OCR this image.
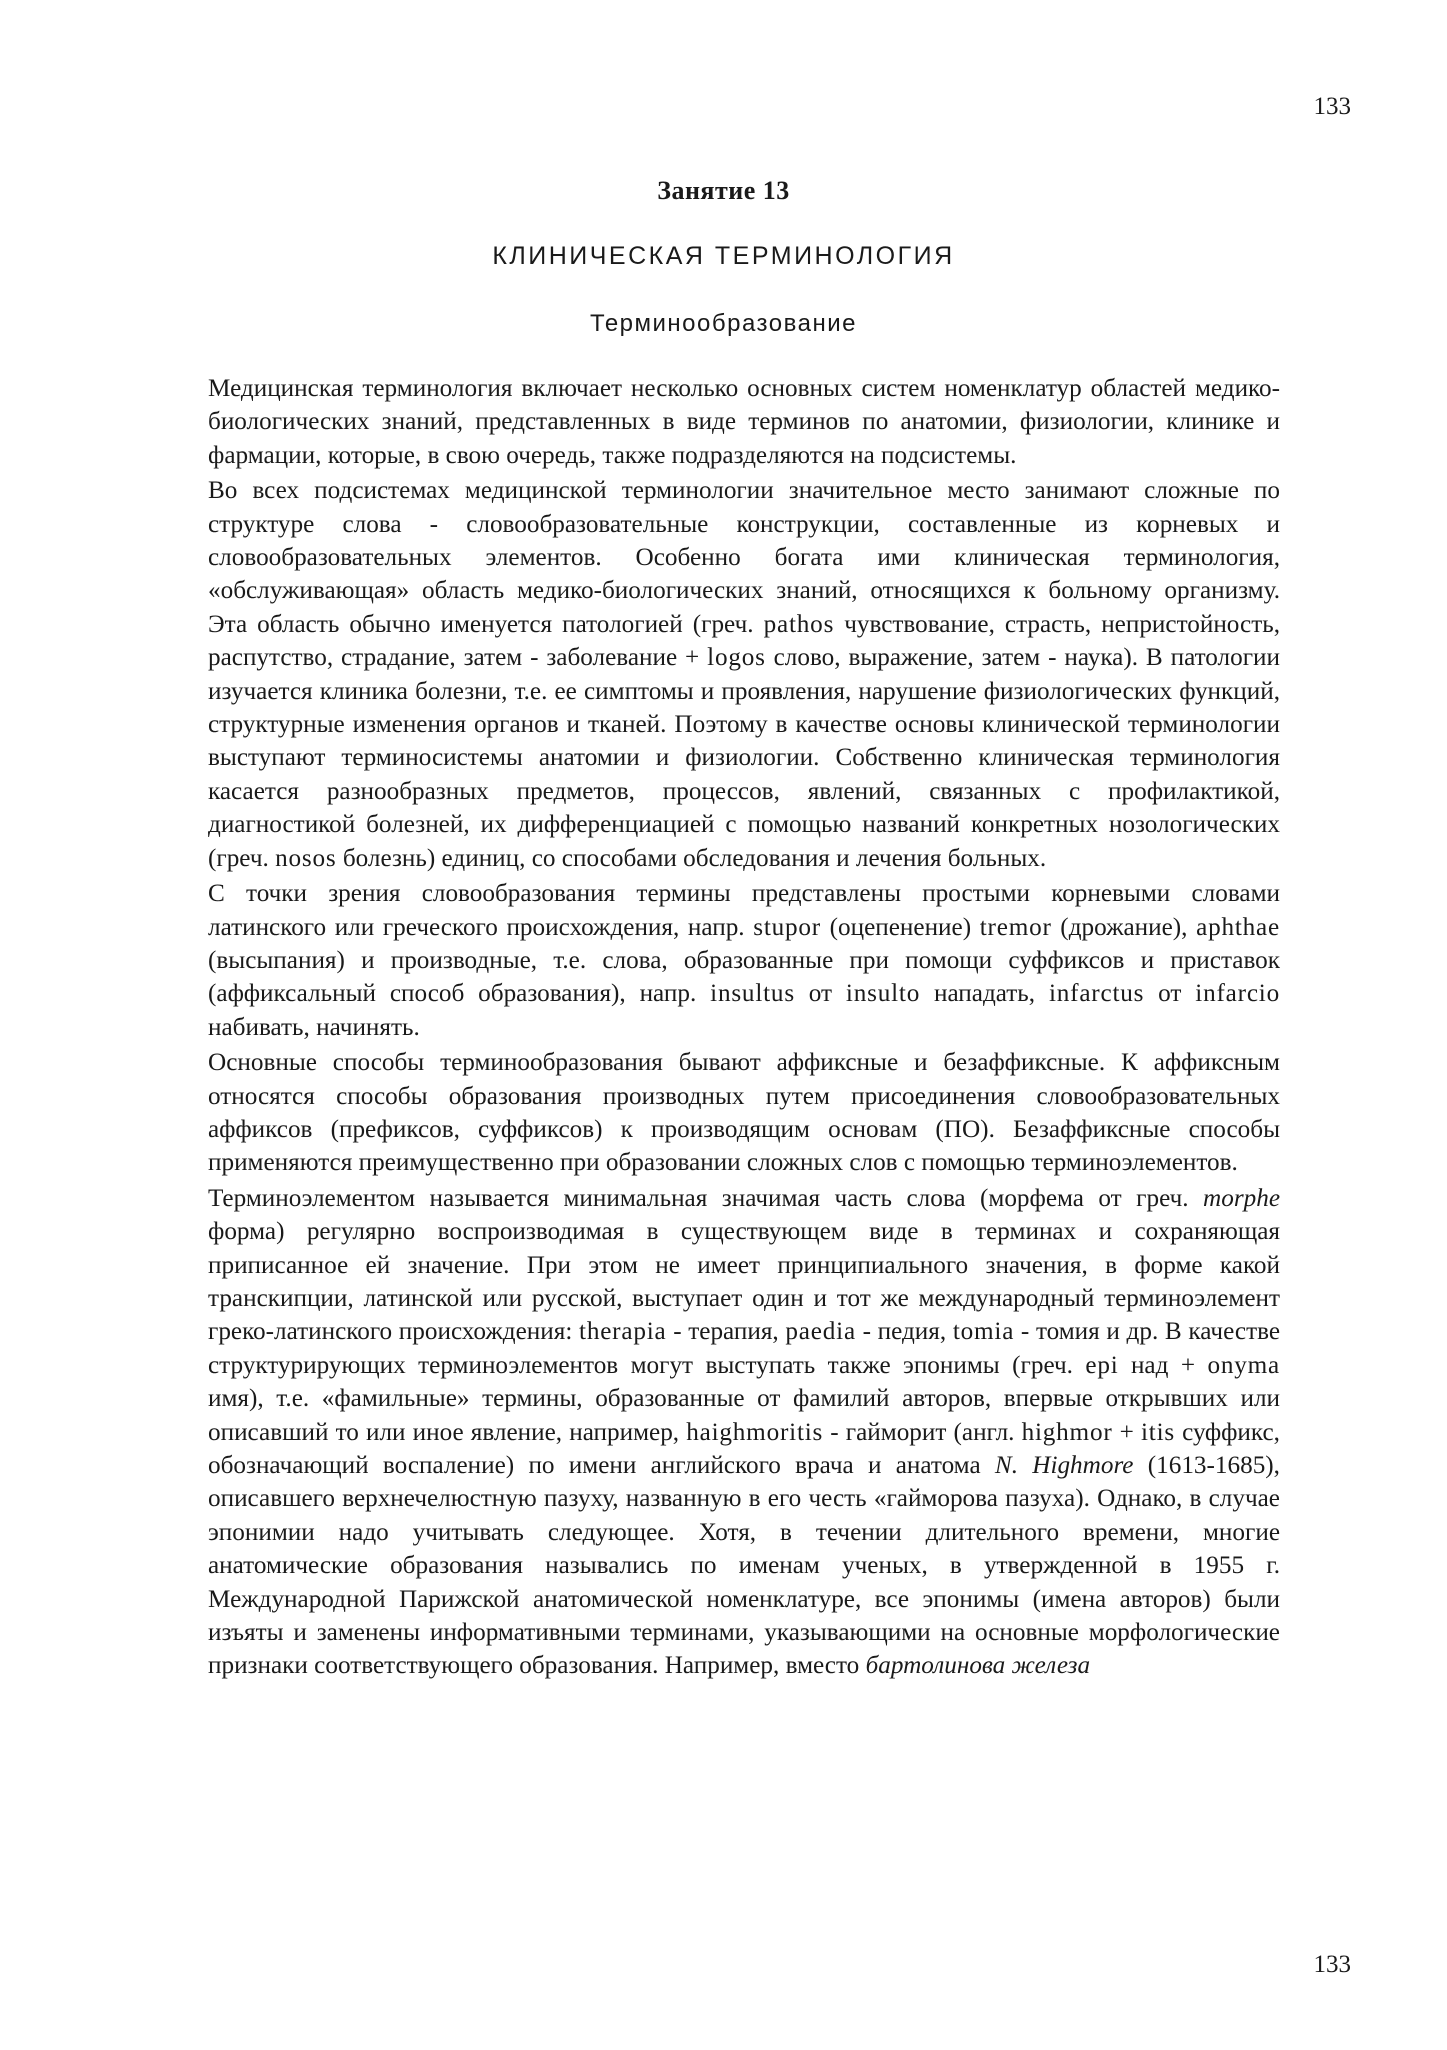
133
Занятие 13
КЛИНИЧЕСКАЯ ТЕРМИНОЛОГИЯ
Терминообразование

Медицинская терминология включает несколько основных систем номенклатур областей медико-биологических знаний, представленных в виде терминов по анатомии, физиологии, клинике и фармации, которые, в свою очередь, также подразделяются на подсистемы.

Во всех подсистемах медицинской терминологии значительное место занимают сложные по структуре слова - словообразовательные конструкции, составленные из корневых и словообразовательных элементов. Особенно богата ими клиническая терминология, «обслуживающая» область медико-биологических знаний, относящихся к больному организму. Эта область обычно именуется патологией (греч. pathos чувствование, страсть, непристойность, распутство, страдание, затем - заболевание + logos слово, выражение, затем - наука). В патологии изучается клиника болезни, т.е. ее симптомы и проявления, нарушение физиологических функций, структурные изменения органов и тканей. Поэтому в качестве основы клинической терминологии выступают терминосистемы анатомии и физиологии. Собственно клиническая терминология касается разнообразных предметов, процессов, явлений, связанных с профилактикой, диагностикой болезней, их дифференциацией с помощью названий конкретных нозологических (греч. nosos болезнь) единиц, со способами обследования и лечения больных.

С точки зрения словообразования термины представлены простыми корневыми словами латинского или греческого происхождения, напр. stupor (оцепенение) tremor (дрожание), aphthae (высыпания) и производные, т.е. слова, образованные при помощи суффиксов и приставок (аффиксальный способ образования), напр. insultus от insulto нападать, infarctus от infarcio набивать, начинять.

Основные способы терминообразования бывают аффиксные и безаффиксные. К аффиксным относятся способы образования производных путем присоединения словообразовательных аффиксов (префиксов, суффиксов) к производящим основам (ПО). Безаффиксные способы применяются преимущественно при образовании сложных слов с помощью терминоэлементов.

Терминоэлементом называется минимальная значимая часть слова (морфема от греч. morphe форма) регулярно воспроизводимая в существующем виде в терминах и сохраняющая приписанное ей значение. При этом не имеет принципиального значения, в форме какой транскипции, латинской или русской, выступает один и тот же международный терминоэлемент греко-латинского происхождения: therapia - терапия, paedia - педия, tomia - томия и др. В качестве структурирующих терминоэлементов могут выступать также эпонимы (греч. epi над + onyma имя), т.е. «фамильные» термины, образованные от фамилий авторов, впервые открывших или описавший то или иное явление, например, haighmoritis - гайморит (англ. highmor + itis суффикс, обозначающий воспаление) по имени английского врача и анатома N. Highmore (1613-1685), описавшего верхнечелюстную пазуху, названную в его честь «гайморова пазуха). Однако, в случае эпонимии надо учитывать следующее. Хотя, в течении длительного времени, многие анатомические образования назывались по именам ученых, в утвержденной в 1955 г. Международной Парижской анатомической номенклатуре, все эпонимы (имена авторов) были изъяты и заменены информативными терминами, указывающими на основные морфологические признаки соответствующего образования. Например, вместо бартолинова железа

133
